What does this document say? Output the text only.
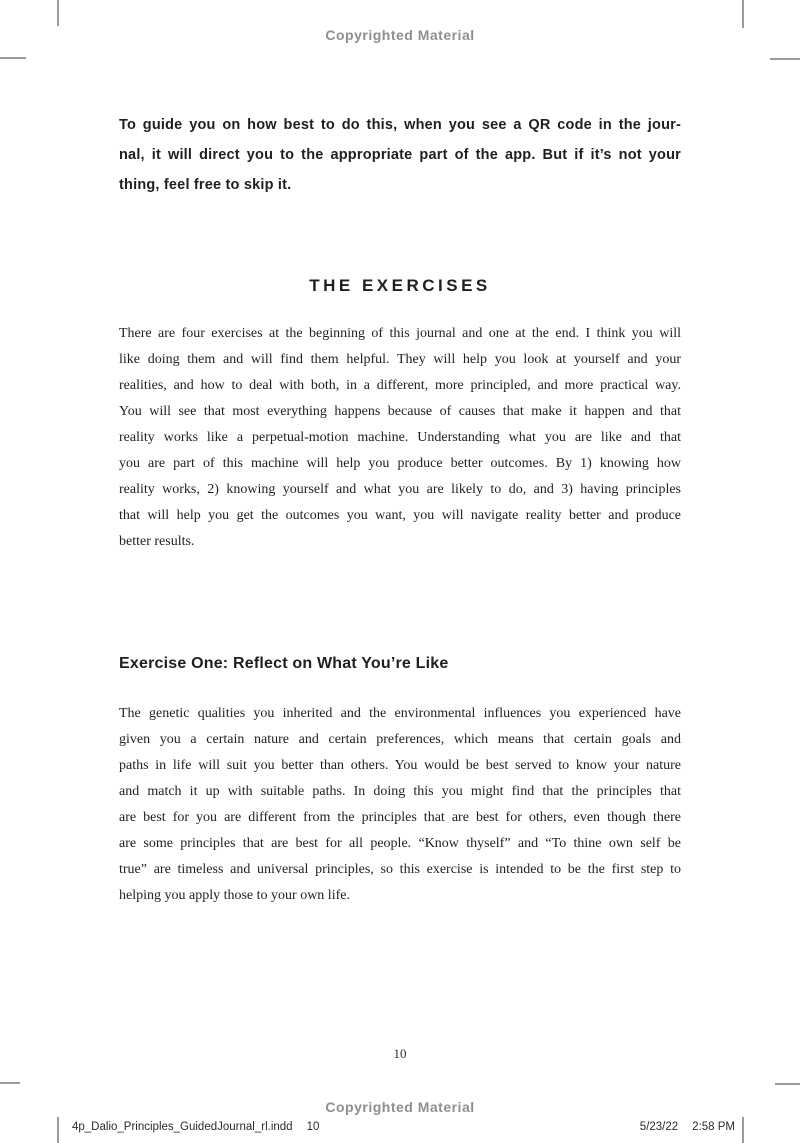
Copyrighted Material
To guide you on how best to do this, when you see a QR code in the jour-
nal, it will direct you to the appropriate part of the app. But if it’s not your
thing, feel free to skip it.
THE EXERCISES
There are four exercises at the beginning of this journal and one at the end. I think you will
like doing them and will find them helpful. They will help you look at yourself and your
realities, and how to deal with both, in a different, more principled, and more practical way.
You will see that most everything happens because of causes that make it happen and that
reality works like a perpetual-motion machine. Understanding what you are like and that
you are part of this machine will help you produce better outcomes. By 1) knowing how
reality works, 2) knowing yourself and what you are likely to do, and 3) having principles
that will help you get the outcomes you want, you will navigate reality better and produce
better results.
Exercise One: Reflect on What You’re Like
The genetic qualities you inherited and the environmental influences you experienced have
given you a certain nature and certain preferences, which means that certain goals and
paths in life will suit you better than others. You would be best served to know your nature
and match it up with suitable paths. In doing this you might find that the principles that
are best for you are different from the principles that are best for others, even though there
are some principles that are best for all people. “Know thyself” and “To thine own self be
true” are timeless and universal principles, so this exercise is intended to be the first step to
helping you apply those to your own life.
10
Copyrighted Material
4p_Dalio_Principles_GuidedJournal_rl.indd 10	5/23/22 2:58 PM
